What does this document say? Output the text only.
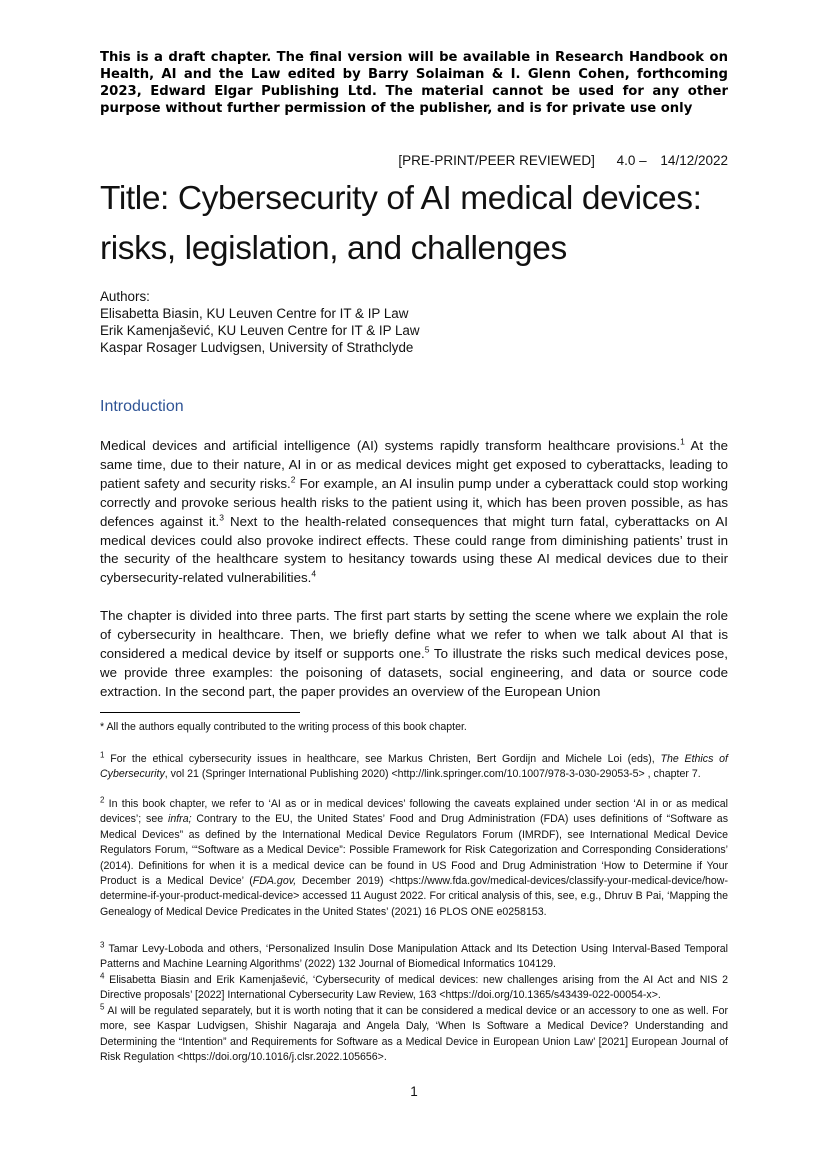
This is a draft chapter. The final version will be available in Research Handbook on Health, AI and the Law edited by Barry Solaiman & I. Glenn Cohen, forthcoming 2023, Edward Elgar Publishing Ltd. The material cannot be used for any other purpose without further permission of the publisher, and is for private use only
[PRE-PRINT/PEER REVIEWED] 4.0 – 14/12/2022
Title: Cybersecurity of AI medical devices:
risks, legislation, and challenges
Authors:
Elisabetta Biasin, KU Leuven Centre for IT & IP Law
Erik Kamenjašević, KU Leuven Centre for IT & IP Law
Kaspar Rosager Ludvigsen, University of Strathclyde
Introduction

Medical devices and artificial intelligence (AI) systems rapidly transform healthcare provisions.$^1$ At the same time, due to their nature, AI in or as medical devices might get exposed to cyberattacks, leading to patient safety and security risks.$^2$ For example, an AI insulin pump under a cyberattack could stop working correctly and provoke serious health risks to the patient using it, which has been proven possible, as has defences against it.$^3$ Next to the health-related consequences that might turn fatal, cyberattacks on AI medical devices could also provoke indirect effects. These could range from diminishing patients’ trust in the security of the healthcare system to hesitancy towards using these AI medical devices due to their cybersecurity-related vulnerabilities.$^4$

The chapter is divided into three parts. The first part starts by setting the scene where we explain the role of cybersecurity in healthcare. Then, we briefly define what we refer to when we talk about AI that is considered a medical device by itself or supports one.$^5$ To illustrate the risks such medical devices pose, we provide three examples: the poisoning of datasets, social engineering, and data or source code extraction. In the second part, the paper provides an overview of the European Union

* All the authors equally contributed to the writing process of this book chapter.

$^1$ For the ethical cybersecurity issues in healthcare, see Markus Christen, Bert Gordijn and Michele Loi (eds), The Ethics of Cybersecurity, vol 21 (Springer International Publishing 2020) <http://link.springer.com/10.1007/978-3-030-29053-5> , chapter 7.

$^2$ In this book chapter, we refer to ‘AI as or in medical devices’ following the caveats explained under section ‘AI in or as medical devices’; see infra; Contrary to the EU, the United States’ Food and Drug Administration (FDA) uses definitions of “Software as Medical Devices” as defined by the International Medical Device Regulators Forum (IMRDF), see International Medical Device Regulators Forum, ‘“Software as a Medical Device”: Possible Framework for Risk Categorization and Corresponding Considerations’ (2014). Definitions for when it is a medical device can be found in US Food and Drug Administration ‘How to Determine if Your Product is a Medical Device’ (FDA.gov, December 2019) <https://www.fda.gov/medical-devices/classify-your-medical-device/how-determine-if-your-product-medical-device> accessed 11 August 2022. For critical analysis of this, see, e.g., Dhruv B Pai, ‘Mapping the Genealogy of Medical Device Predicates in the United States’ (2021) 16 PLOS ONE e0258153.

$^3$ Tamar Levy-Loboda and others, ‘Personalized Insulin Dose Manipulation Attack and Its Detection Using Interval-Based Temporal Patterns and Machine Learning Algorithms’ (2022) 132 Journal of Biomedical Informatics 104129.

$^4$ Elisabetta Biasin and Erik Kamenjašević, ‘Cybersecurity of medical devices: new challenges arising from the AI Act and NIS 2 Directive proposals’ [2022] International Cybersecurity Law Review, 163 <https://doi.org/10.1365/s43439-022-00054-x>.

$^5$ AI will be regulated separately, but it is worth noting that it can be considered a medical device or an accessory to one as well. For more, see Kaspar Ludvigsen, Shishir Nagaraja and Angela Daly, ‘When Is Software a Medical Device? Understanding and Determining the “Intention” and Requirements for Software as a Medical Device in European Union Law’ [2021] European Journal of Risk Regulation <https://doi.org/10.1016/j.clsr.2022.105656>.

1
